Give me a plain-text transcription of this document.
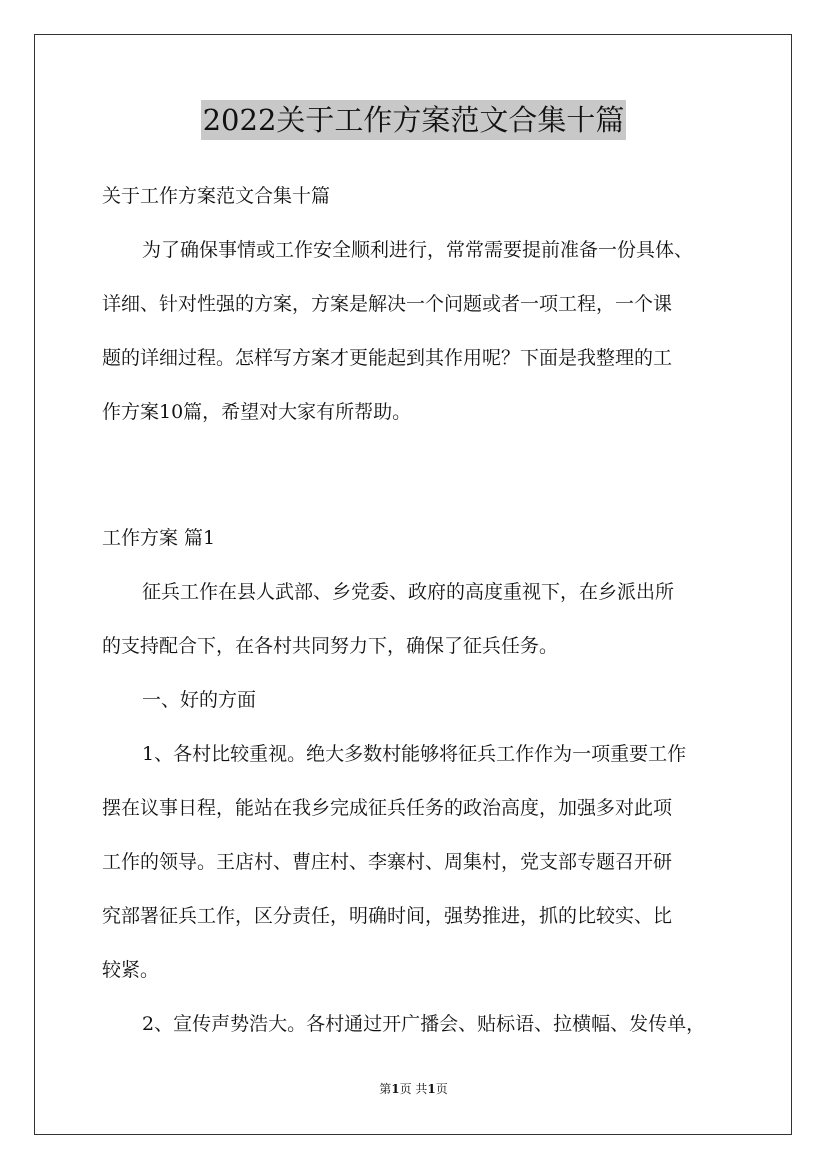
2022关于工作方案范文合集十篇
关于工作方案范文合集十篇
为了确保事情或工作安全顺利进行，常常需要提前准备一份具体、
详细、针对性强的方案，方案是解决一个问题或者一项工程，一个课
题的详细过程。怎样写方案才更能起到其作用呢？下面是我整理的工
作方案10篇，希望对大家有所帮助。
工作方案 篇1
征兵工作在县人武部、乡党委、政府的高度重视下，在乡派出所
的支持配合下，在各村共同努力下，确保了征兵任务。
一、好的方面
1、各村比较重视。绝大多数村能够将征兵工作作为一项重要工作
摆在议事日程，能站在我乡完成征兵任务的政治高度，加强多对此项
工作的领导。王店村、曹庄村、李寨村、周集村，党支部专题召开研
究部署征兵工作，区分责任，明确时间，强势推进，抓的比较实、比
较紧。
2、宣传声势浩大。各村通过开广播会、贴标语、拉横幅、发传单，
第1页 共1页
